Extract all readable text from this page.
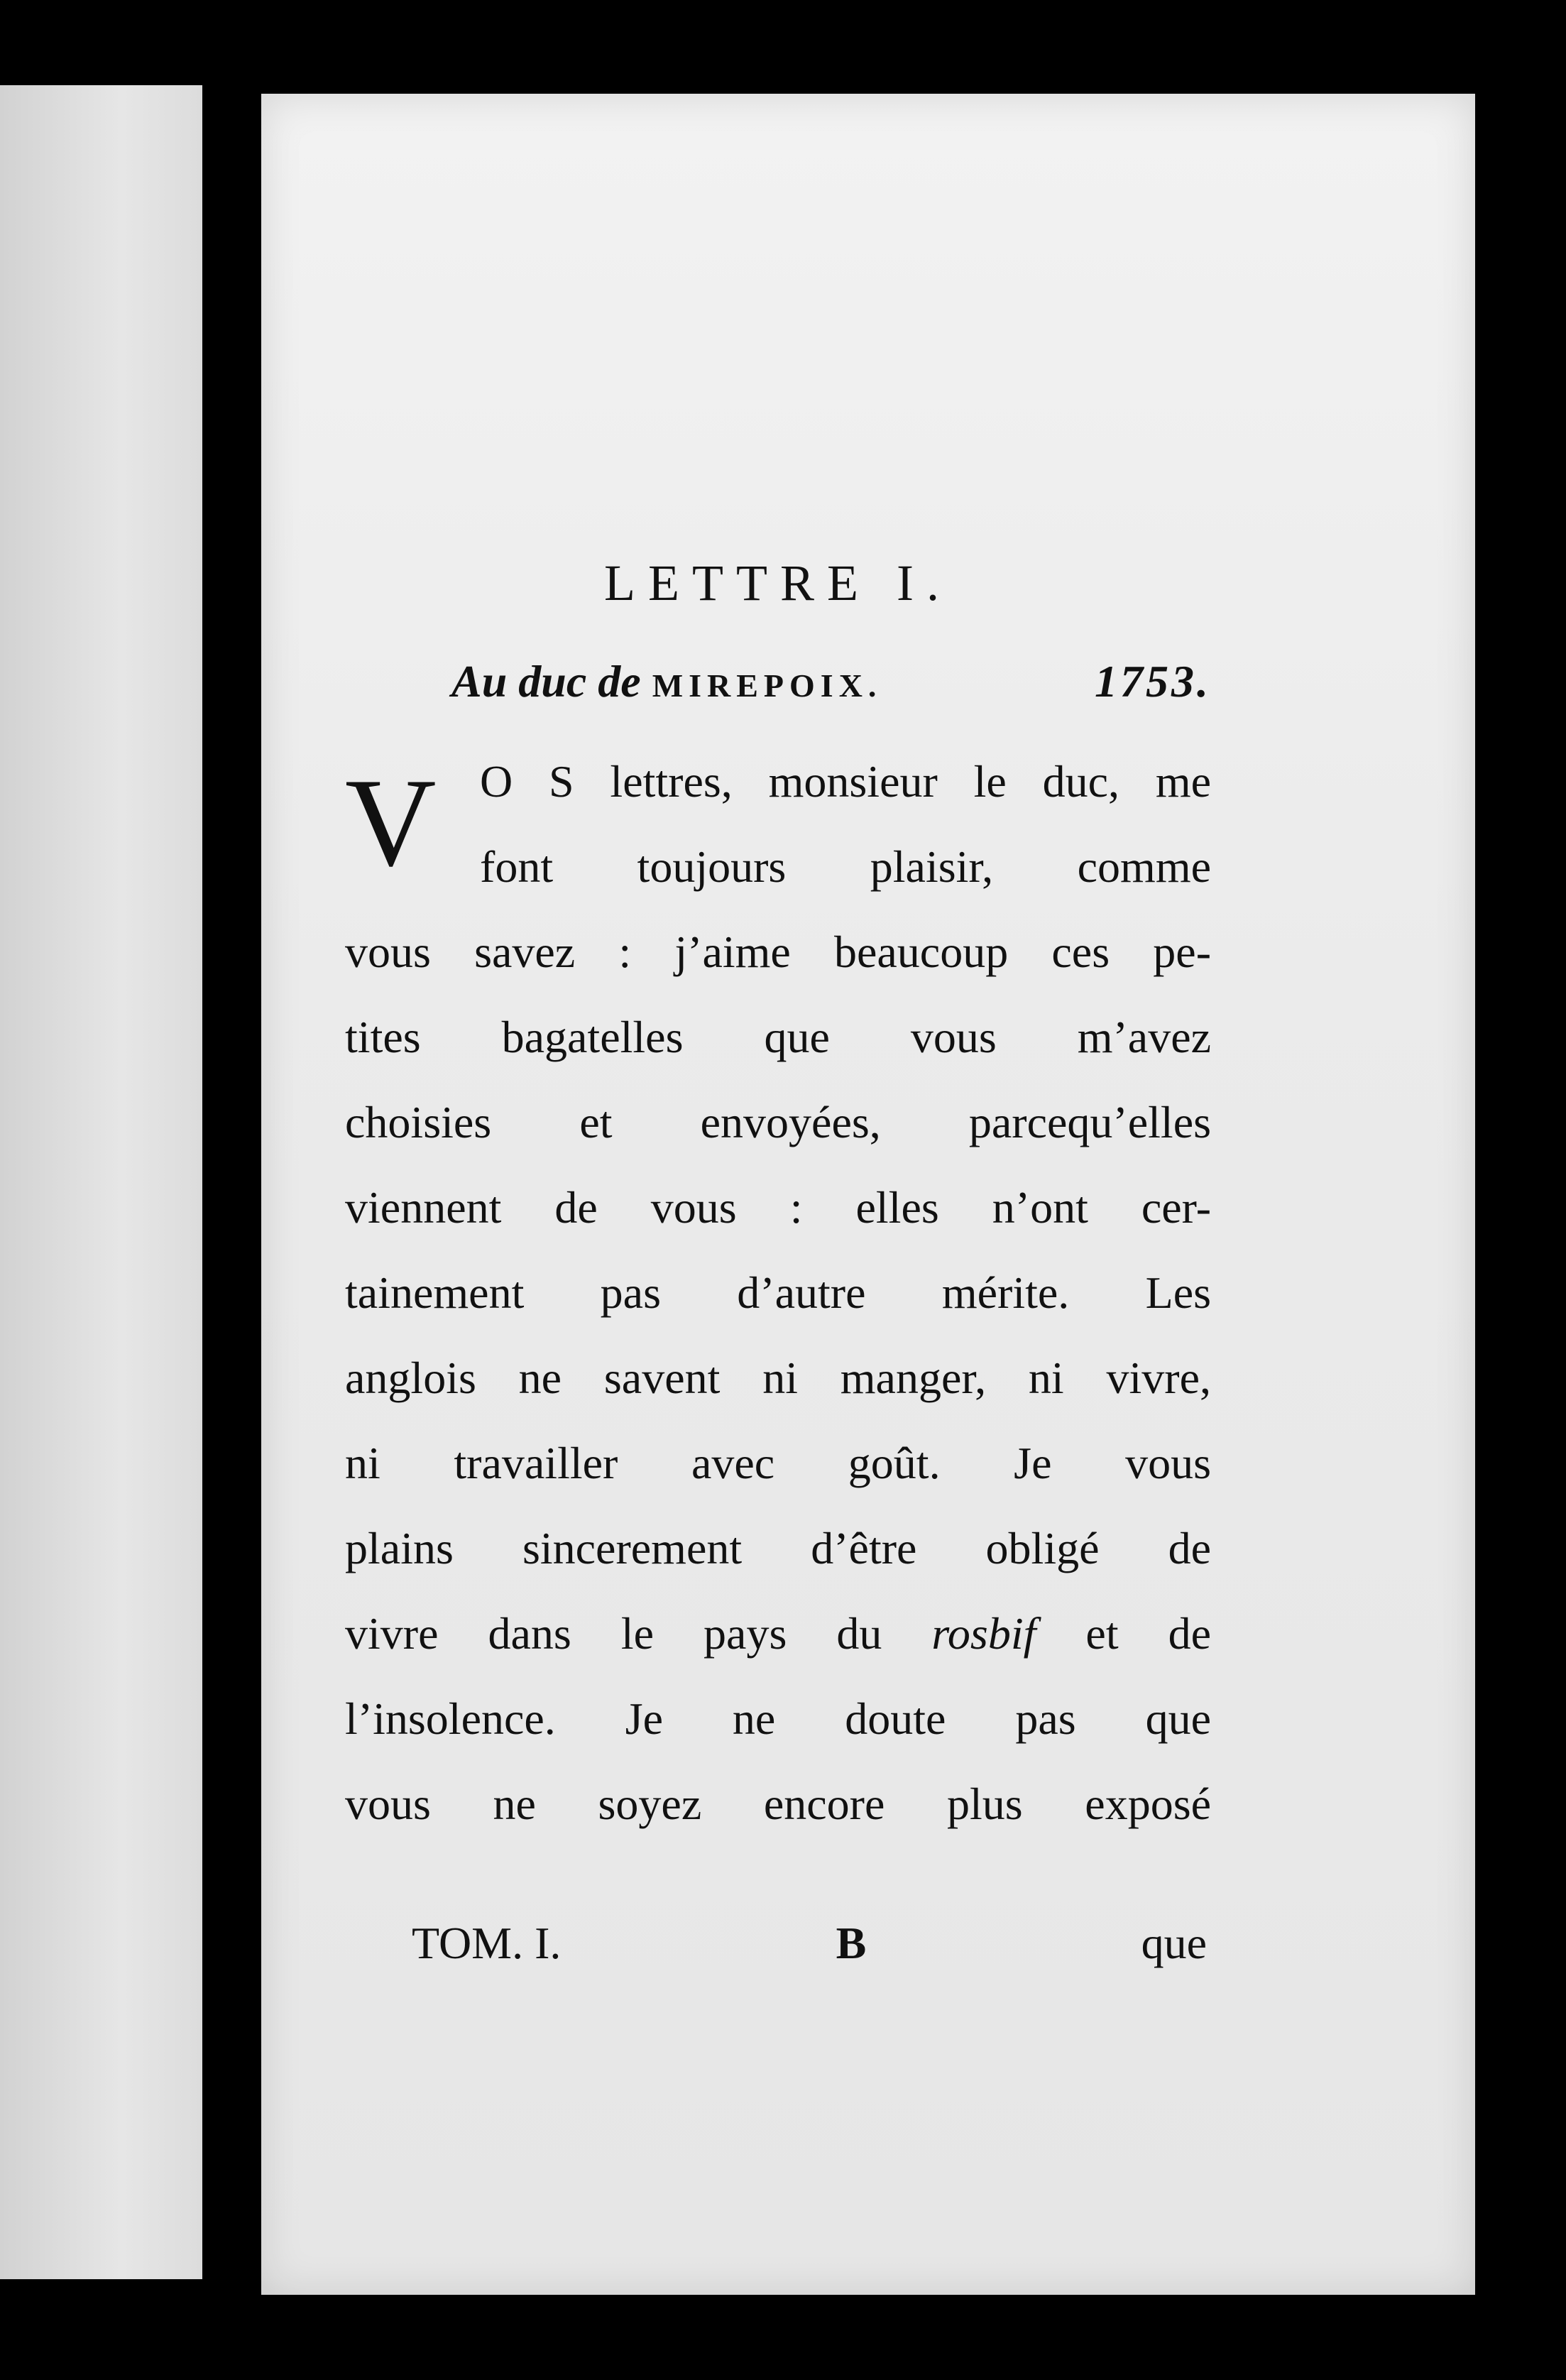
LETTRE I.
Au duc de MIREPOIX.	1753.
V O S lettres, monsieur le duc, me
font toujours plaisir, comme
vous savez : j’aime beaucoup ces pe-
tites bagatelles que vous m’avez
choisies et envoyées, parcequ’elles
viennent de vous : elles n’ont cer-
tainement pas d’autre mérite. Les
anglois ne savent ni manger, ni vivre,
ni travailler avec goût. Je vous
plains sincerement d’être obligé de
vivre dans le pays du rosbif et de
l’insolence. Je ne doute pas que
vous ne soyez encore plus exposé
TOM. I.	B	que
